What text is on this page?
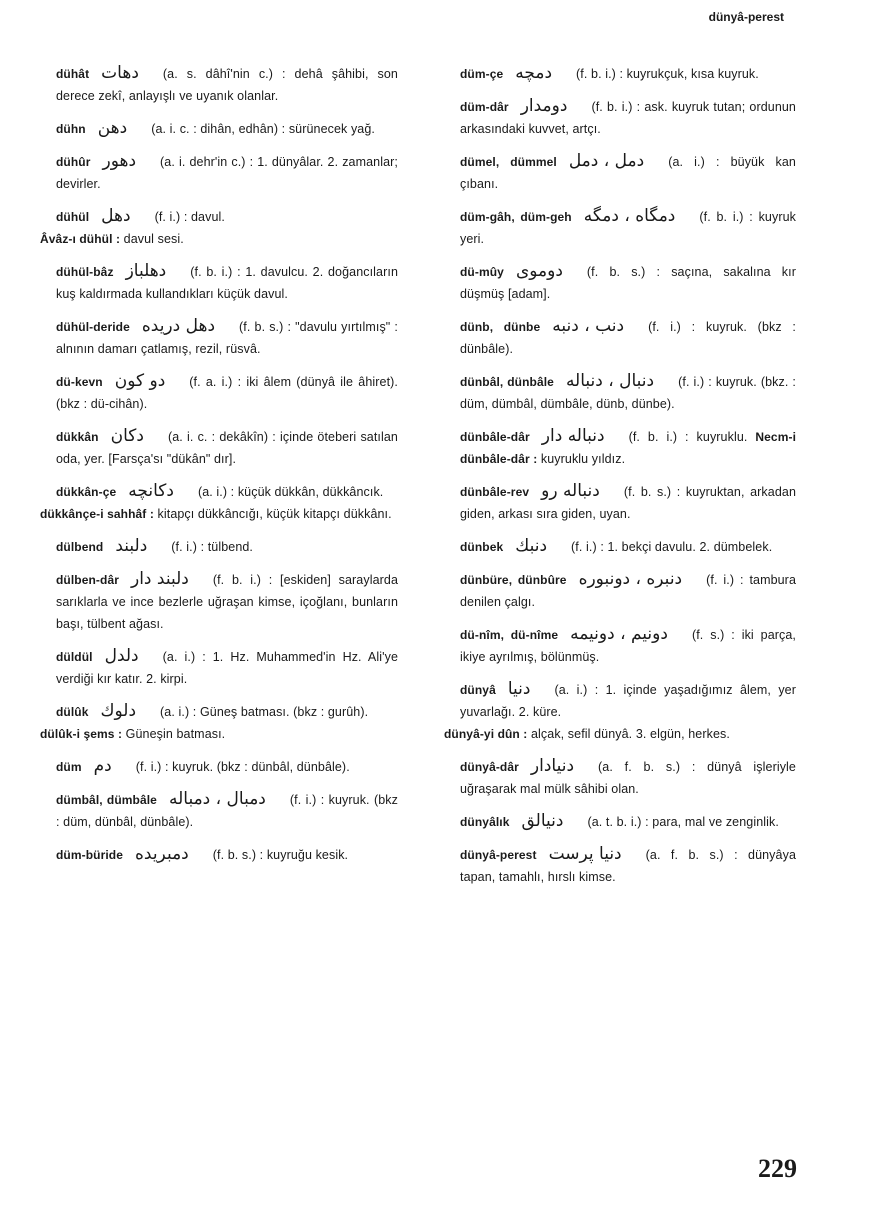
dünyâ-perest
dühât دهات (a. s. dâhî'nin c.) : dehâ şâhibi, son derece zekî, anlayışlı ve uyanık olanlar.
dühn دهن (a. i. c. : dihân, edhân) : sürünecek yağ.
dühûr دهور (a. i. dehr'in c.) : 1. dünyâlar. 2. zamanlar; devirler.
dühül دهل (f. i.) : davul.
Âvâz-ı dühül : davul sesi.
dühül-bâz دهلباز (f. b. i.) : 1. davulcu. 2. doğancıların kuş kaldırmada kullandıkları küçük davul.
dühül-deride دهل دریده (f. b. s.) : "davulu yırtılmış" : alnının damarı çatlamış, rezil, rüsvâ.
dü-kevn دو كون (f. a. i.) : iki âlem (dünyâ ile âhiret). (bkz : dü-cihân).
dükkân دكان (a. i. c. : dekâkîn) : içinde öteberi satılan oda, yer. [Farsça'sı "dükân" dır].
dükkân-çe دكانچه (a. i.) : küçük dükkân, dükkâncık.
dükkânçe-i sahhâf : kitapçı dükkâncığı, küçük kitapçı dükkânı.
dülbend دلبند (f. i.) : tülbend.
dülben-dâr دلبند دار (f. b. i.) : [eskiden] saraylarda sarıklarla ve ince bezlerle uğraşan kimse, içoğlanı, bunların başı, tülbent ağası.
düldül دلدل (a. i.) : 1. Hz. Muhammed'in Hz. Ali'ye verdiği kır katır. 2. kirpi.
dülûk دلوك (a. i.) : Güneş batması. (bkz : gurûh).
dülûk-i şems : Güneşin batması.
düm دم (f. i.) : kuyruk. (bkz : dünbâl, dünbâle).
dümbâl, dümbâle دمبال ، دمباله (f. i.) : kuyruk. (bkz : düm, dünbâl, dünbâle).
düm-büride دمبریده (f. b. s.) : kuyruğu kesik.
düm-çe دمچه (f. b. i.) : kuyrukçuk, kısa kuyruk.
düm-dâr دومدار (f. b. i.) : ask. kuyruk tutan; ordunun arkasındaki kuvvet, artçı.
dümel, dümmel دمل ، دمل (a. i.) : büyük kan çıbanı.
düm-gâh, düm-geh دمگاه ، دمگه (f. b. i.) : kuyruk yeri.
dü-mûy دوموی (f. b. s.) : saçına, sakalına kır düşmüş [adam].
dünb, dünbe دنب ، دنبه (f. i.) : kuyruk. (bkz : dünbâle).
dünbâl, dünbâle دنبال ، دنباله (f. i.) : kuyruk. (bkz. : düm, dümbâl, dümbâle, dünb, dünbe).
dünbâle-dâr دنباله دار (f. b. i.) : kuyruklu. Necm-i dünbâle-dâr : kuyruklu yıldız.
dünbâle-rev دنباله رو (f. b. s.) : kuyruktan, arkadan giden, arkası sıra giden, uyan.
dünbek دنبك (f. i.) : 1. bekçi davulu. 2. dümbelek.
dünbüre, dünbûre دنبره ، دونبوره (f. i.) : tambura denilen çalgı.
dü-nîm, dü-nîme دونیم ، دونیمه (f. s.) : iki parça, ikiye ayrılmış, bölünmüş.
dünyâ دنیا (a. i.) : 1. içinde yaşadığımız âlem, yer yuvarlağı. 2. küre.
dünyâ-yi dûn : alçak, sefil dünyâ. 3. elgün, herkes.
dünyâ-dâr دنیادار (a. f. b. s.) : dünyâ işleriyle uğraşarak mal mülk sâhibi olan.
dünyâlık دنیالق (a. t. b. i.) : para, mal ve zenginlik.
dünyâ-perest دنیا پرست (a. f. b. s.) : dünyâya tapan, tamahlı, hırslı kimse.
229
